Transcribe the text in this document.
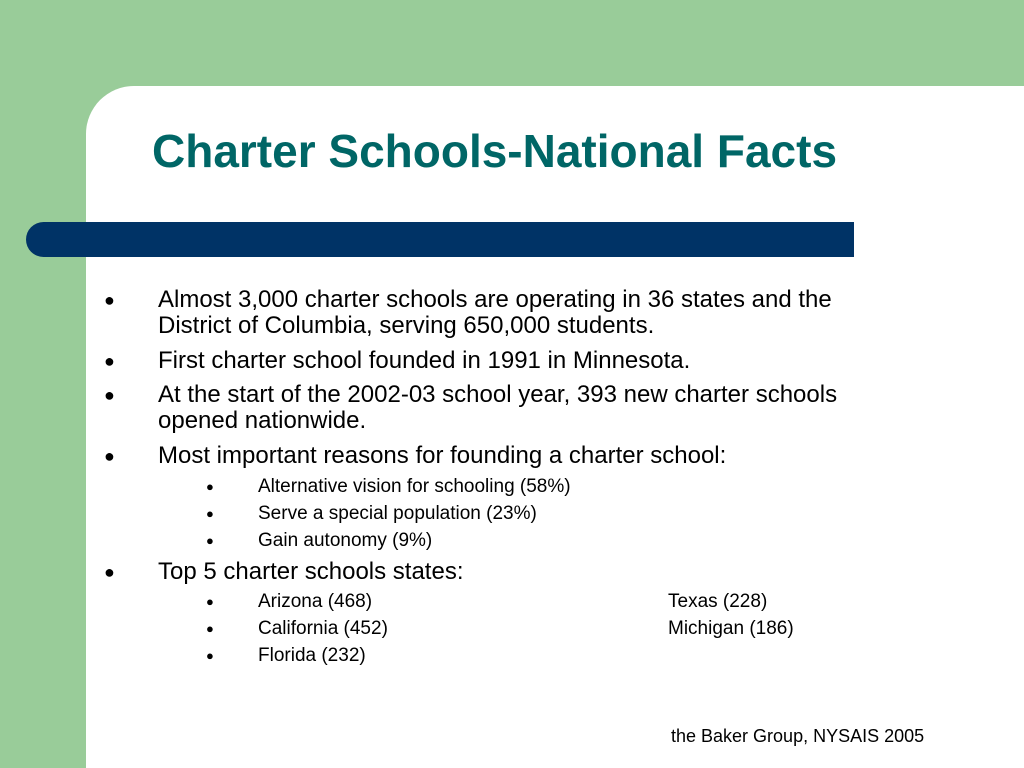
Charter Schools-National Facts
● Almost 3,000 charter schools are operating in 36 states and the
District of Columbia, serving 650,000 students.
● First charter school founded in 1991 in Minnesota.
● At the start of the 2002-03 school year, 393 new charter schools
opened nationwide.
● Most important reasons for founding a charter school:
● Alternative vision for schooling (58%)
● Serve a special population (23%)
● Gain autonomy (9%)
● Top 5 charter schools states:
● Arizona (468)	Texas (228)
● California (452)	Michigan (186)
● Florida (232)
the Baker Group, NYSAIS 2005
